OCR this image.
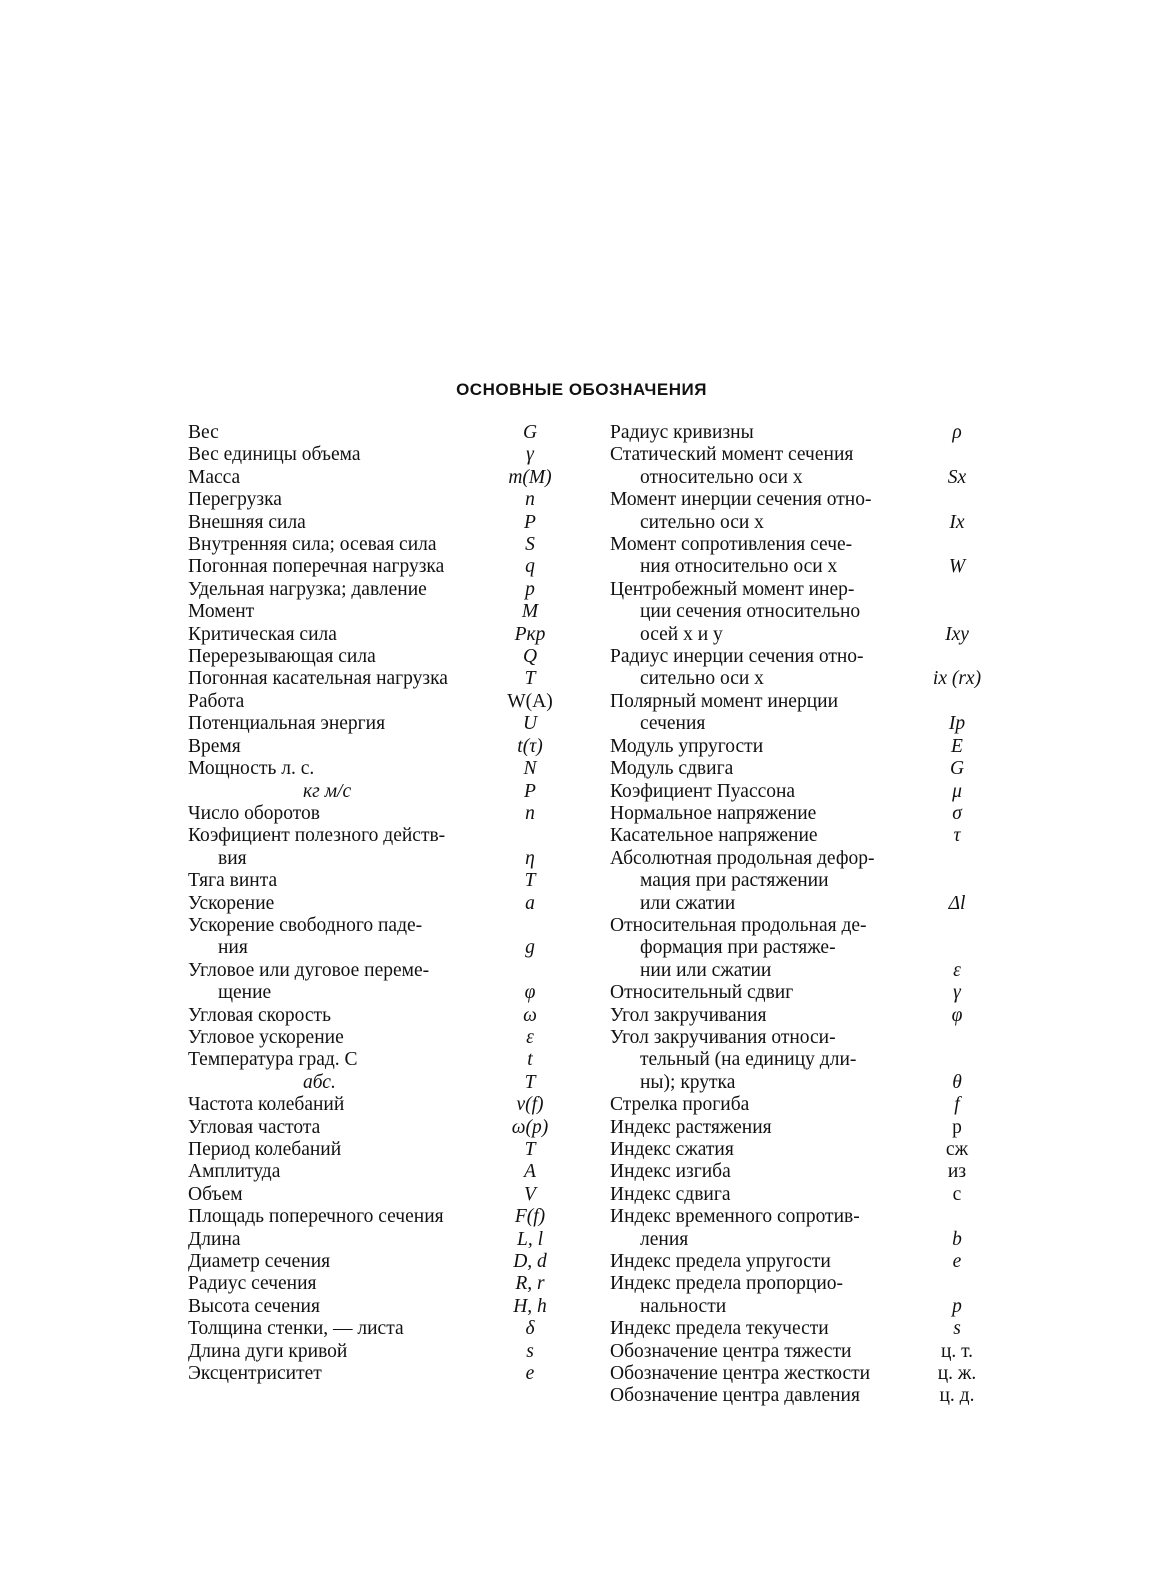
ОСНОВНЫЕ ОБОЗНАЧЕНИЯ
Вес	G
Вес единицы объема	γ
Масса	m(M)
Перегрузка	n
Внешняя сила	P
Внутренняя сила; осевая сила	S
Погонная поперечная нагрузка	q
Удельная нагрузка; давление	p
Момент	M
Критическая сила	Pкр
Перерезывающая сила	Q
Погонная касательная нагрузка	T
Работа	W(A)
Потенциальная энергия	U
Время	t(τ)
Мощность л. с.	N
кг м/с	P
Число оборотов	n
Коэфициент полезного действ-
вия	η
Тяга винта	T
Ускорение	a
Ускорение свободного паде-
ния	g
Угловое или дуговое переме-
щение	φ
Угловая скорость	ω
Угловое ускорение	ε
Температура град. С	t
абс.	T
Частота колебаний	ν(f)
Угловая частота	ω(p)
Период колебаний	T
Амплитуда	A
Объем	V
Площадь поперечного сечения	F(f)
Длина	L, l
Диаметр сечения	D, d
Радиус сечения	R, r
Высота сечения	H, h
Толщина стенки, — листа	δ
Длина дуги кривой	s
Эксцентриситет	e
Радиус кривизны	ρ
Статический момент сечения
относительно оси x	Sx
Момент инерции сечения отно-
сительно оси x	Ix
Момент сопротивления сече-
ния относительно оси x	W
Центробежный момент инер-
ции сечения относительно
осей x и y	Ixy
Радиус инерции сечения отно-
сительно оси x	ix (rx)
Полярный момент инерции
сечения	Ip
Модуль упругости	E
Модуль сдвига	G
Коэфициент Пуассона	μ
Нормальное напряжение	σ
Касательное напряжение	τ
Абсолютная продольная дефор-
мация при растяжении
или сжатии	Δl
Относительная продольная де-
формация при растяже-
нии или сжатии	ε
Относительный сдвиг	γ
Угол закручивания	φ
Угол закручивания относи-
тельный (на единицу дли-
ны); крутка	θ
Стрелка прогиба	f
Индекс растяжения	р
Индекс сжатия	сж
Индекс изгиба	из
Индекс сдвига	с
Индекс временного сопротив-
ления	b
Индекс предела упругости	e
Индекс предела пропорцио-
нальности	p
Индекс предела текучести	s
Обозначение центра тяжести	ц. т.
Обозначение центра жесткости	ц. ж.
Обозначение центра давления	ц. д.
